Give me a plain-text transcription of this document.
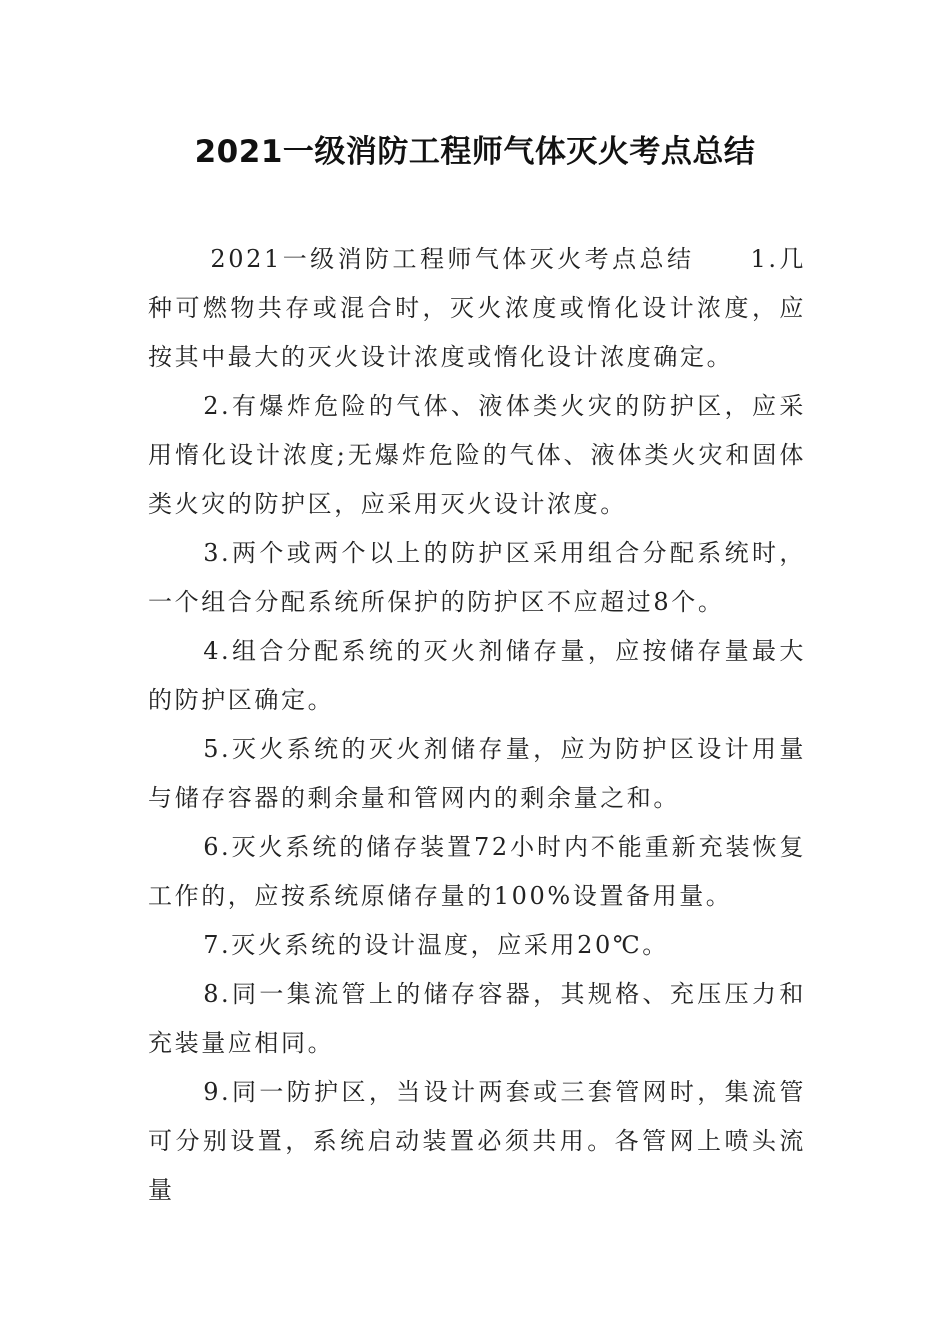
2021一级消防工程师气体灭火考点总结

2021一级消防工程师气体灭火考点总结 1.几种可燃物共存或混合时，灭火浓度或惰化设计浓度，应按其中最大的灭火设计浓度或惰化设计浓度确定。

2.有爆炸危险的气体、液体类火灾的防护区，应采用惰化设计浓度;无爆炸危险的气体、液体类火灾和固体类火灾的防护区，应采用灭火设计浓度。

3.两个或两个以上的防护区采用组合分配系统时，一个组合分配系统所保护的防护区不应超过8个。

4.组合分配系统的灭火剂储存量，应按储存量最大的防护区确定。

5.灭火系统的灭火剂储存量，应为防护区设计用量与储存容器的剩余量和管网内的剩余量之和。

6.灭火系统的储存装置72小时内不能重新充装恢复工作的，应按系统原储存量的100%设置备用量。

7.灭火系统的设计温度，应采用20℃。

8.同一集流管上的储存容器，其规格、充压压力和充装量应相同。

9.同一防护区，当设计两套或三套管网时，集流管可分别设置，系统启动装置必须共用。各管网上喷头流量
